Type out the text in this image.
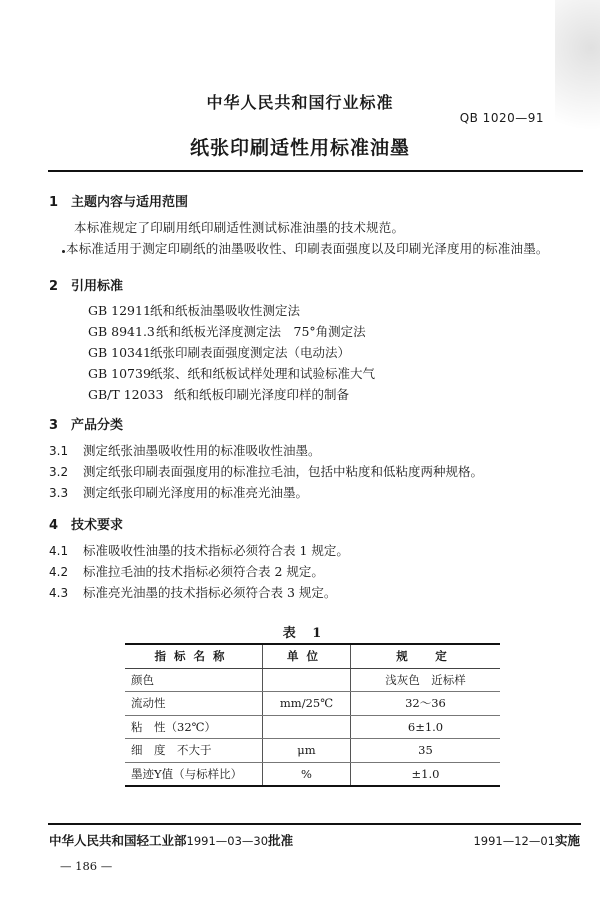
中华人民共和国行业标准
QB 1020—91
纸张印刷适性用标准油墨
1 主题内容与适用范围
本标准规定了印刷用纸印刷适性测试标准油墨的技术规范。
本标准适用于测定印刷纸的油墨吸收性、印刷表面强度以及印刷光泽度用的标准油墨。
2 引用标准
GB 12911纸和纸板油墨吸收性测定法
GB 8941.3纸和纸板光泽度测定法　75°角测定法
GB 10341纸张印刷表面强度测定法（电动法）
GB 10739纸浆、纸和纸板试样处理和试验标准大气
GB/T 12033 纸和纸板印刷光泽度印样的制备
3 产品分类
3.1 测定纸张油墨吸收性用的标准吸收性油墨。
3.2 测定纸张印刷表面强度用的标准拉毛油，包括中粘度和低粘度两种规格。
3.3 测定纸张印刷光泽度用的标准亮光油墨。
4 技术要求
4.1 标准吸收性油墨的技术指标必须符合表 1 规定。
4.2 标准拉毛油的技术指标必须符合表 2 规定。
4.3 标准亮光油墨的技术指标必须符合表 3 规定。
表 1
指标名称	单位	规　定
颜色		浅灰色　近标样
流动性	mm/25℃	32～36
粘　性（32℃）		6±1.0
细　度　不大于	μm	35
墨迹Y值（与标样比）	%	±1.0
中华人民共和国轻工业部1991—03—30批准	1991—12—01实施
— 186 —
